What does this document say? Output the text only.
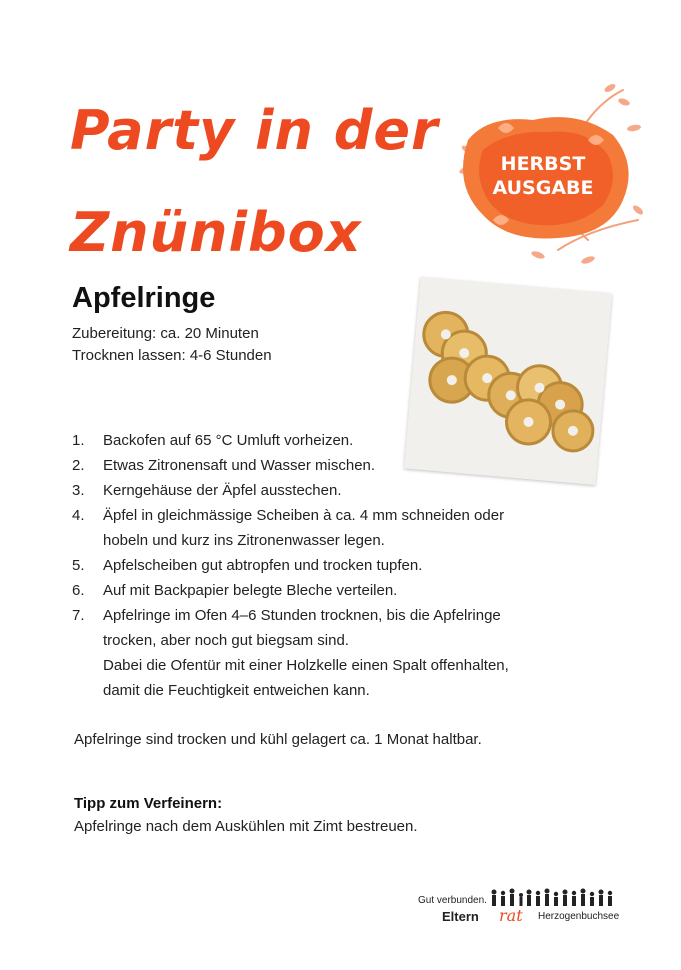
Party in der
Znünibox
HERBST
AUSGABE
Apfelringe
Zubereitung: ca. 20 Minuten
Trocknen lassen: 4-6 Stunden
1.	Backofen auf 65 °C Umluft vorheizen.
2.	Etwas Zitronensaft und Wasser mischen.
3.	Kerngehäuse der Äpfel ausstechen.
4.	Äpfel in gleichmässige Scheiben à ca. 4 mm schneiden oder
hobeln und kurz ins Zitronenwasser legen.
5.	Apfelscheiben gut abtropfen und trocken tupfen.
6.	Auf mit Backpapier belegte Bleche verteilen.
7.	Apfelringe im Ofen 4–6 Stunden trocknen, bis die Apfelringe
trocken, aber noch gut biegsam sind.
Dabei die Ofentür mit einer Holzkelle einen Spalt offenhalten,
damit die Feuchtigkeit entweichen kann.
Apfelringe sind trocken und kühl gelagert ca. 1 Monat haltbar.
Tipp zum Verfeinern:
Apfelringe nach dem Auskühlen mit Zimt bestreuen.
Gut verbunden.
Eltern rat Herzogenbuchsee
